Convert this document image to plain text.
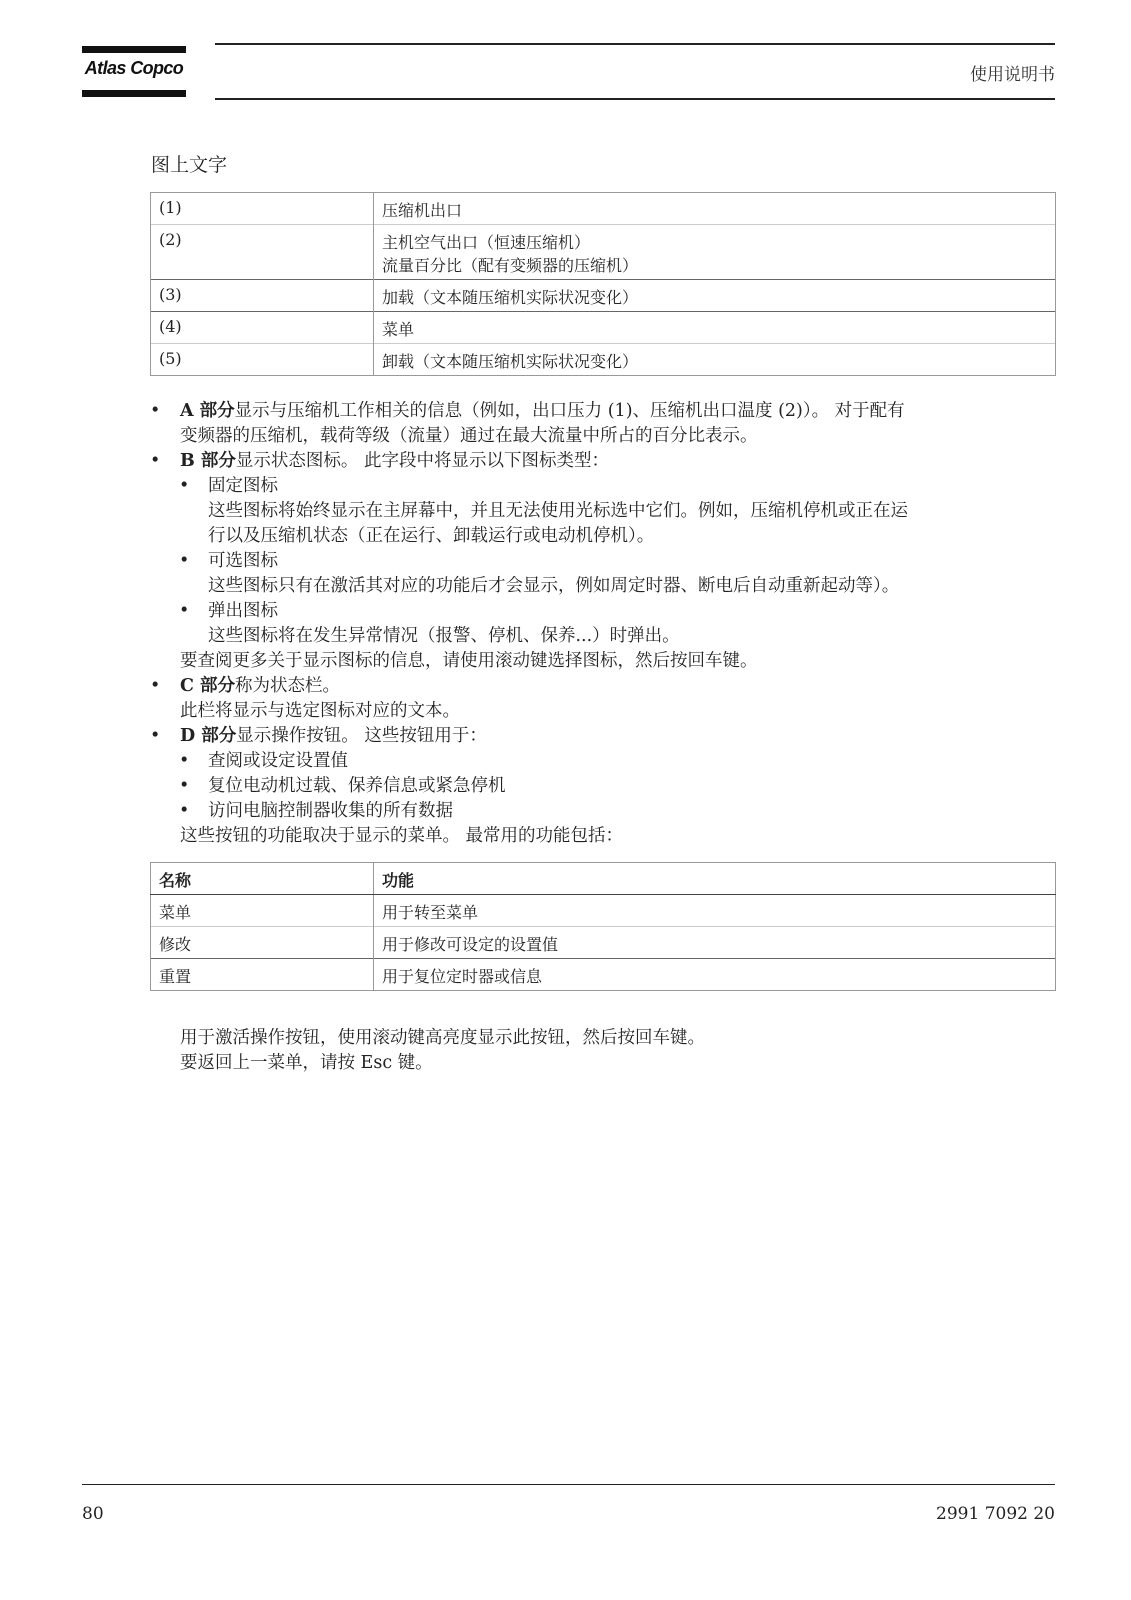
Atlas Copco	使用说明书
图上文字
(1)	压缩机出口

(2)	主机空气出口（恒速压缩机）
流量百分比（配有变频器的压缩机）

(3)	加载（文本随压缩机实际状况变化）

(4)	菜单

(5)	卸载（文本随压缩机实际状况变化）
• A 部分显示与压缩机工作相关的信息（例如，出口压力 (1)、压缩机出口温度 (2)）。 对于配有
变频器的压缩机，载荷等级（流量）通过在最大流量中所占的百分比表示。
• B 部分显示状态图标。 此字段中将显示以下图标类型：
• 固定图标
这些图标将始终显示在主屏幕中，并且无法使用光标选中它们。例如，压缩机停机或正在运
行以及压缩机状态（正在运行、卸载运行或电动机停机）。
• 可选图标
这些图标只有在激活其对应的功能后才会显示，例如周定时器、断电后自动重新起动等）。
• 弹出图标
这些图标将在发生异常情况（报警、停机、保养...）时弹出。
要查阅更多关于显示图标的信息，请使用滚动键选择图标，然后按回车键。
• C 部分称为状态栏。
此栏将显示与选定图标对应的文本。
• D 部分显示操作按钮。 这些按钮用于：
• 查阅或设定设置值
• 复位电动机过载、保养信息或紧急停机
• 访问电脑控制器收集的所有数据
这些按钮的功能取决于显示的菜单。 最常用的功能包括：
名称	功能
菜单	用于转至菜单
修改	用于修改可设定的设置值
重置	用于复位定时器或信息
用于激活操作按钮，使用滚动键高亮度显示此按钮，然后按回车键。
要返回上一菜单，请按 Esc 键。
80	2991 7092 20
